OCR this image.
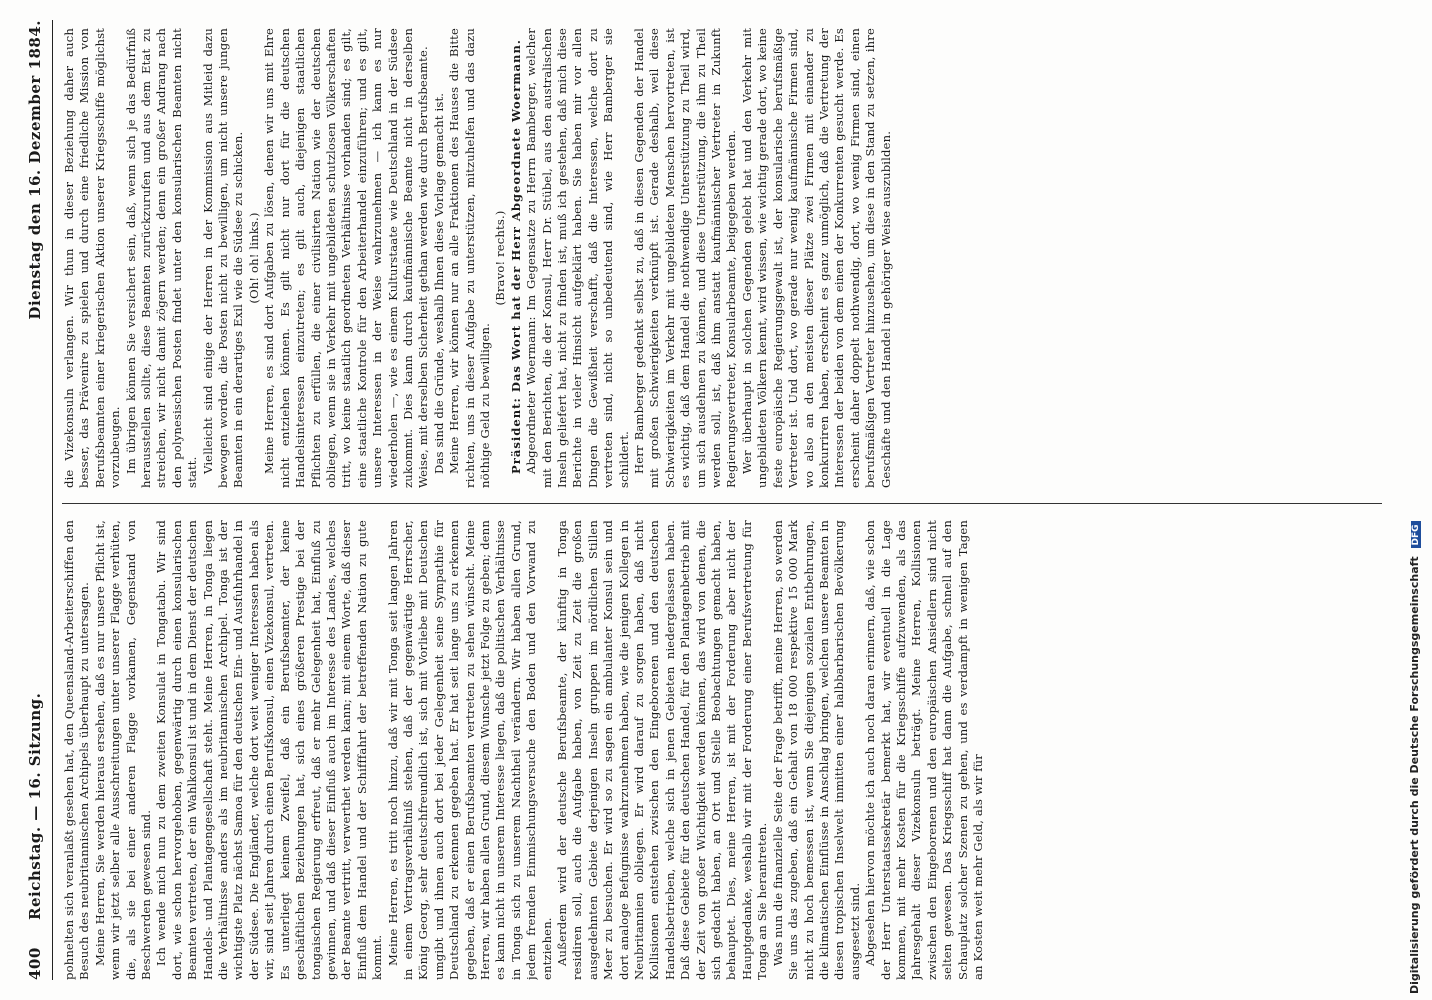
400
Reichstag. — 16. Sitzung.
Dienstag den 16. Dezember 1884.

pohnelten sich veranlaßt gesehen hat, den Queensland-Arbeiterschiffen den Besuch des neubritannischen Archipels überhaupt zu untersagen. Meine Herren, Sie werden hieraus ersehen, daß es nur unsere Pflicht ist, wenn wir jetzt selber alle Ausschreitungen unter unserer Flagge verhüten, die, als sie bei einer anderen Flagge vorkamen, Gegenstand von Beschwerden gewesen sind. Ich wende mich nun zu dem zweiten Konsulat in Tongatabu. Wir sind dort, wie schon hervorgehoben, gegenwärtig durch einen konsularischen Beamten vertreten, der ein Wahlkonsul ist und in dem Dienst der deutschen Handels- und Plantagengesellschaft steht. Meine Herren, in Tonga liegen die Verhältnisse anders als im neubritannischen Archipel. Tonga ist der wichtigste Platz nächst Samoa für den deutschen Ein- und Ausfuhrhandel in der Südsee. Die Engländer, welche dort weit weniger Interessen haben als wir, sind seit Jahren durch einen Berufskonsul, einen Vizekonsul, vertreten. Es unterliegt keinem Zweifel, daß ein Berufsbeamter, der keine geschäftlichen Beziehungen hat, sich eines größeren Prestige bei der tongaischen Regierung erfreut, daß er mehr Gelegenheit hat, Einfluß zu gewinnen, und daß dieser Einfluß auch im Interesse des Landes, welches der Beamte vertritt, verwerthet werden kann; mit einem Worte, daß dieser Einfluß dem Handel und der Schifffahrt der betreffenden Nation zu gute kommt. Meine Herren, es tritt noch hinzu, daß wir mit Tonga seit langen Jahren in einem Vertragsverhältniß stehen, daß der gegenwärtige Herrscher, König Georg, sehr deutschfreundlich ist, sich mit Vorliebe mit Deutschen umgibt und ihnen auch dort bei jeder Gelegenheit seine Sympathie für Deutschland zu erkennen gegeben hat. Er hat seit lange uns zu erkennen gegeben, daß er einen Berufsbeamten vertreten zu sehen wünscht. Meine Herren, wir haben allen Grund, diesem Wunsche jetzt Folge zu geben; denn es kann nicht in unserem Interesse liegen, daß die politischen Verhältnisse in Tonga sich zu unserem Nachtheil verändern. Wir haben allen Grund, jedem fremden Einmischungsversuche den Boden und den Vorwand zu entziehen. Außerdem wird der deutsche Berufsbeamte, der künftig in Tonga residiren soll, auch die Aufgabe haben, von Zeit zu Zeit die großen ausgedehnten Gebiete derjenigen Inseln gruppen im nördlichen Stillen Meer zu besuchen. Er wird so zu sagen ein ambulanter Konsul sein und dort analoge Befugnisse wahrzunehmen haben, wie die jenigen Kollegen in Neubritannien obliegen. Er wird darauf zu sorgen haben, daß nicht Kollisionen entstehen zwischen den Eingeborenen und den deutschen Handelsbetrieben, welche sich in jenen Gebieten niedergelassen haben. Daß diese Gebiete für den deutschen Handel, für den Plantagenbetrieb mit der Zeit von großer Wichtigkeit werden können, das wird von denen, die sich gedacht haben, an Ort und Stelle Beobachtungen gemacht haben, behauptet. Dies, meine Herren, ist mit der Forderung aber nicht der Hauptgedanke, weshalb wir mit der Forderung einer Berufsvertretung für Tonga an Sie herantreten. Was nun die finanzielle Seite der Frage betrifft, meine Herren, so werden Sie uns das zugeben, daß ein Gehalt von 18 000 respektive 15 000 Mark nicht zu hoch bemessen ist, wenn Sie diejenigen sozialen Entbehrungen, die klimatischen Einflüsse in Anschlag bringen, welchen unsere Beamten in diesen tropischen Inselwelt inmitten einer halbbarbarischen Bevölkerung ausgesetzt sind. Abgesehen hiervon möchte ich auch noch daran erinnern, daß, wie schon der Herr Unterstaatssekretär bemerkt hat, wir eventuell in die Lage kommen, mit mehr Kosten für die Kriegsschiffe aufzuwenden, als das Jahresgehalt dieser Vizekonsuln beträgt. Meine Herren, Kollisionen zwischen den Eingeborenen und den europäischen Ansiedlern sind nicht selten gewesen. Das Kriegsschiff hat dann die Aufgabe, schnell auf den Schauplatz solcher Szenen zu gehen, und es verdampft in wenigen Tagen an Kosten weit mehr Geld, als wir für

die Vizekonsuln verlangen. Wir thun in dieser Beziehung daher auch besser, das Prävenire zu spielen und durch eine friedliche Mission von Berufsbeamten einer kriegerischen Aktion unserer Kriegsschiffe möglichst vorzubeugen. Im übrigen können Sie versichert sein, daß, wenn sich je das Bedürfniß herausstellen sollte, diese Beamten zurückzurufen und aus dem Etat zu streichen, wir nicht damit zögern werden; denn ein großer Andrang nach den polynesischen Posten findet unter den konsularischen Beamten nicht statt. Vielleicht sind einige der Herren in der Kommission aus Mitleid dazu bewogen worden, die Posten nicht zu bewilligen, um nicht unsere jungen Beamten in ein derartiges Exil wie die Südsee zu schicken. (Oh! oh! links.) Meine Herren, es sind dort Aufgaben zu lösen, denen wir uns mit Ehre nicht entziehen können. Es gilt nicht nur dort für die deutschen Handelsinteressen einzutreten; es gilt auch, diejenigen staatlichen Pflichten zu erfüllen, die einer civilisirten Nation wie der deutschen obliegen, wenn sie in Verkehr mit ungebildeten schutzlosen Völkerschaften tritt, wo keine staatlich geordneten Verhältnisse vorhanden sind; es gilt, eine staatliche Kontrole für den Arbeiterhandel einzuführen; und es gilt, unsere Interessen in der Weise wahrzunehmen — ich kann es nur wiederholen —, wie es einem Kulturstaate wie Deutschland in der Südsee zukommt. Dies kann durch kaufmännische Beamte nicht in derselben Weise, mit derselben Sicherheit gethan werden wie durch Berufsbeamte. Das sind die Gründe, weshalb Ihnen diese Vorlage gemacht ist. Meine Herren, wir können nur an alle Fraktionen des Hauses die Bitte richten, uns in dieser Aufgabe zu unterstützen, mitzuhelfen und das dazu nöthige Geld zu bewilligen.

(Bravo! rechts.) Präsident: Das Wort hat der Herr Abgeordnete Woermann. Abgeordneter Woermann: Im Gegensatze zu Herrn Bamberger, welcher mit den Berichten, die der Konsul, Herr Dr. Stübel, aus den australischen Inseln geliefert hat, nicht zu finden ist, muß ich gestehen, daß mich diese Berichte in vieler Hinsicht aufgeklärt haben. Sie haben mir vor allen Dingen die Gewißheit verschafft, daß die Interessen, welche dort zu vertreten sind, nicht so unbedeutend sind, wie Herr Bamberger sie schildert. Herr Bamberger gedenkt selbst zu, daß in diesen Gegenden der Handel mit großen Schwierigkeiten verknüpft ist. Gerade deshalb, weil diese Schwierigkeiten im Verkehr mit ungebildeten Menschen hervortreten, ist es wichtig, daß dem Handel die nothwendige Unterstützung zu Theil wird, um sich ausdehnen zu können, und diese Unterstützung, die ihm zu Theil werden soll, ist, daß ihm anstatt kaufmännischer Vertreter in Zukunft Regierungsvertreter, Konsularbeamte, beigegeben werden. Wer überhaupt in solchen Gegenden gelebt hat und den Verkehr mit ungebildeten Völkern kennt, wird wissen, wie wichtig gerade dort, wo keine feste europäische Regierungsgewalt ist, der konsularische berufsmäßige Vertreter ist. Und dort, wo gerade nur wenig kaufmännische Firmen sind, wo also an den meisten dieser Plätze zwei Firmen mit einander zu konkurriren haben, erscheint es ganz unmöglich, daß die Vertretung der Interessen der beiden von dem einen der Konkurrenten gesucht werde. Es erscheint daher doppelt nothwendig, dort, wo wenig Firmen sind, einen berufsmäßigen Vertreter hinzusehen, um diese in den Stand zu setzen, ihre Geschäfte und den Handel in gehöriger Weise auszubilden.

Digitalisierung gefördert durch die Deutsche Forschungsgemeinschaft DFG
